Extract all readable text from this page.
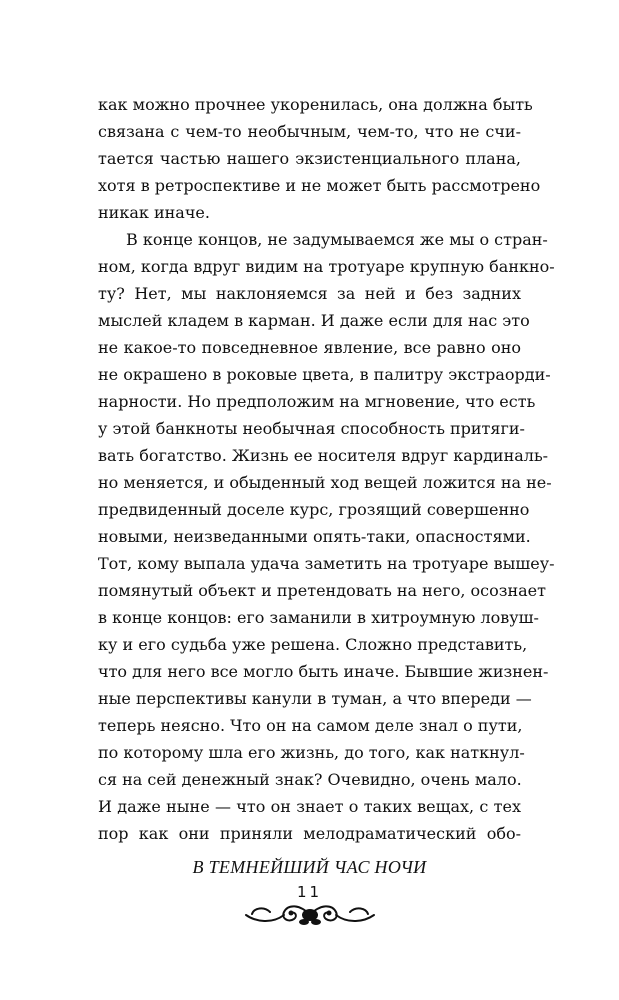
как можно прочнее укоренилась, она должна быть
связана с чем-то необычным, чем-то, что не счи-
тается частью нашего экзистенциального плана,
хотя в ретроспективе и не может быть рассмотрено
никак иначе.
В конце концов, не задумываемся же мы о стран-
ном, когда вдруг видим на тротуаре крупную банкно-
ту? Нет, мы наклоняемся за ней и без задних
мыслей кладем в карман. И даже если для нас это
не какое-то повседневное явление, все равно оно
не окрашено в роковые цвета, в палитру экстраорди-
нарности. Но предположим на мгновение, что есть
у этой банкноты необычная способность притяги-
вать богатство. Жизнь ее носителя вдруг кардиналь-
но меняется, и обыденный ход вещей ложится на не-
предвиденный доселе курс, грозящий совершенно
новыми, неизведанными опять-таки, опасностями.
Тот, кому выпала удача заметить на тротуаре вышеу-
помянутый объект и претендовать на него, осознает
в конце концов: его заманили в хитроумную ловуш-
ку и его судьба уже решена. Сложно представить,
что для него все могло быть иначе. Бывшие жизнен-
ные перспективы канули в туман, а что впереди —
теперь неясно. Что он на самом деле знал о пути,
по которому шла его жизнь, до того, как наткнул-
ся на сей денежный знак? Очевидно, очень мало.
И даже ныне — что он знает о таких вещах, с тех
пор как они приняли мелодраматический обо-
В ТЕМНЕЙШИЙ ЧАС НОЧИ
11
